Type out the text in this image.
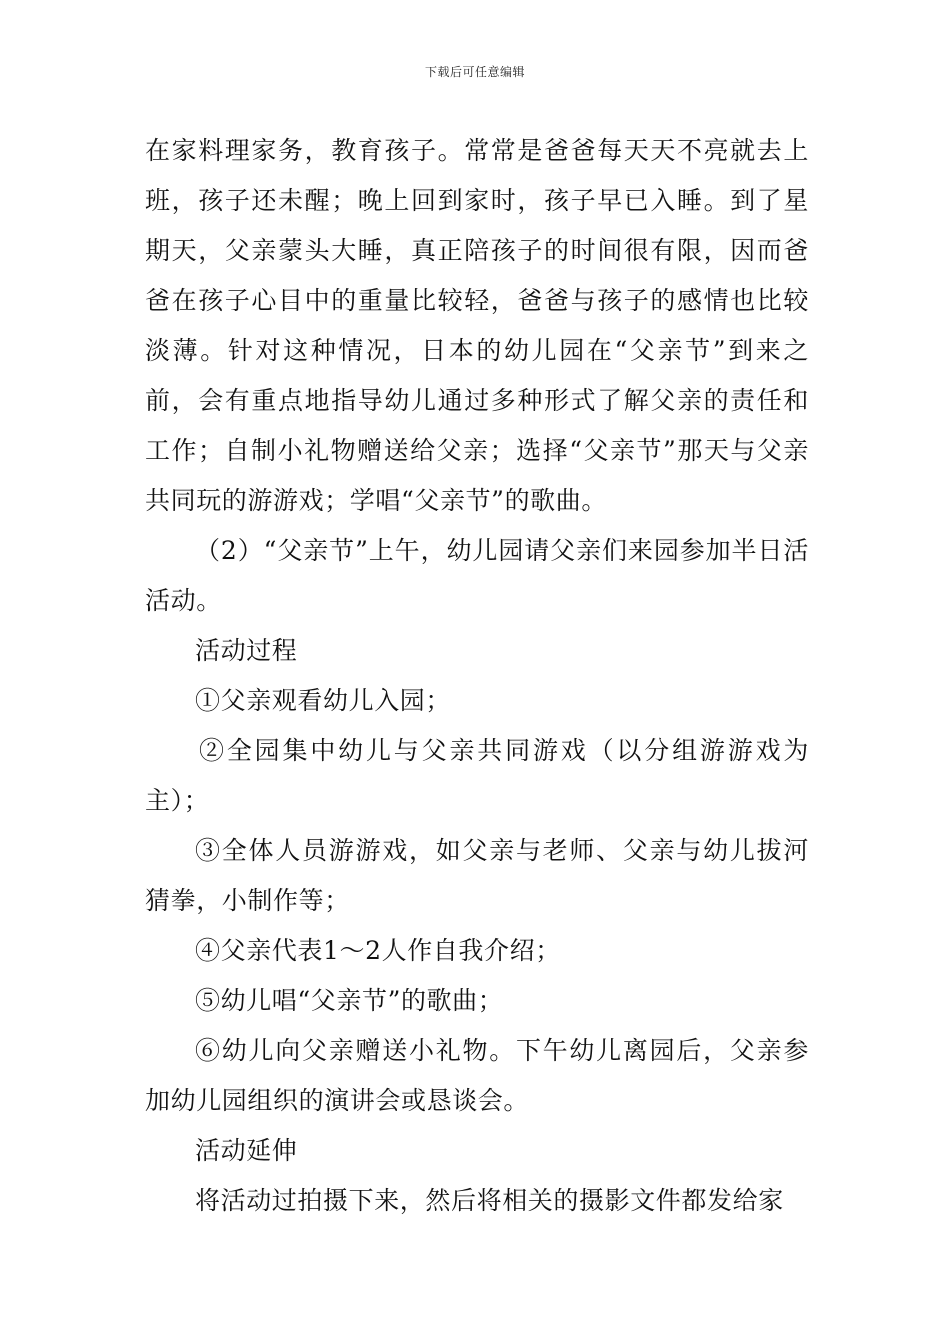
下载后可任意编辑

在家料理家务，教育孩子。常常是爸爸每天天不亮就去上班，孩子还未醒；晚上回到家时，孩子早已入睡。到了星期天，父亲蒙头大睡，真正陪孩子的时间很有限，因而爸爸在孩子心目中的重量比较轻，爸爸与孩子的感情也比较淡薄。针对这种情况，日本的幼儿园在“父亲节”到来之前，会有重点地指导幼儿通过多种形式了解父亲的责任和工作；自制小礼物赠送给父亲；选择“父亲节”那天与父亲共同玩的游游戏；学唱“父亲节”的歌曲。

（2）“父亲节”上午，幼儿园请父亲们来园参加半日活活动。

活动过程

①父亲观看幼儿入园；

②全园集中幼儿与父亲共同游戏（以分组游游戏为主）；

③全体人员游游戏，如父亲与老师、父亲与幼儿拔河猜拳，小制作等；

④父亲代表1～2人作自我介绍；

⑤幼儿唱“父亲节”的歌曲；

⑥幼儿向父亲赠送小礼物。下午幼儿离园后，父亲参加幼儿园组织的演讲会或恳谈会。

活动延伸

将活动过拍摄下来，然后将相关的摄影文件都发给家
